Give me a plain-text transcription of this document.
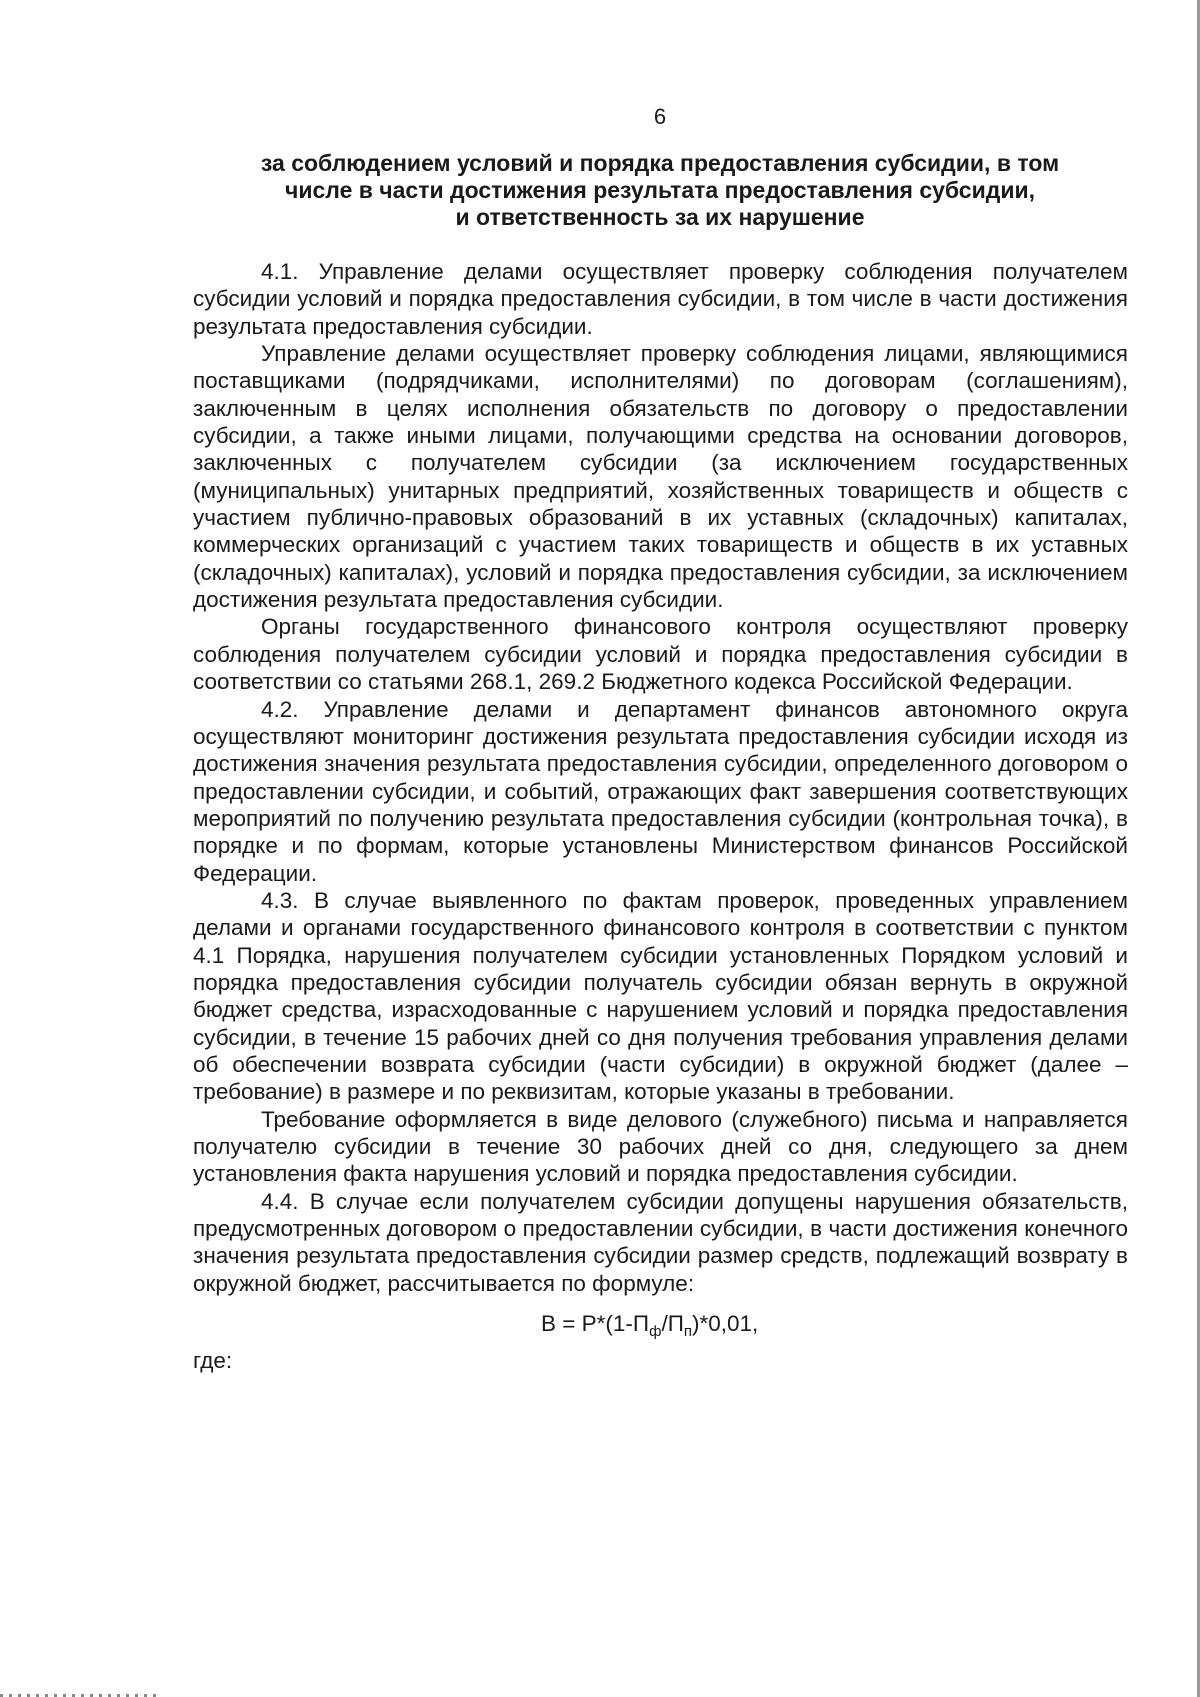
6
за соблюдением условий и порядка предоставления субсидии, в том
числе в части достижения результата предоставления субсидии,
и ответственность за их нарушение

4.1. Управление делами осуществляет проверку соблюдения получателем субсидии условий и порядка предоставления субсидии, в том числе в части достижения результата предоставления субсидии.

Управление делами осуществляет проверку соблюдения лицами, являющимися поставщиками (подрядчиками, исполнителями) по договорам (соглашениям), заключенным в целях исполнения обязательств по договору о предоставлении субсидии, а также иными лицами, получающими средства на основании договоров, заключенных с получателем субсидии (за исключением государственных (муниципальных) унитарных предприятий, хозяйственных товариществ и обществ с участием публично-правовых образований в их уставных (складочных) капиталах, коммерческих организаций с участием таких товариществ и обществ в их уставных (складочных) капиталах), условий и порядка предоставления субсидии, за исключением достижения результата предоставления субсидии.

Органы государственного финансового контроля осуществляют проверку соблюдения получателем субсидии условий и порядка предоставления субсидии в соответствии со статьями 268.1, 269.2 Бюджетного кодекса Российской Федерации.

4.2. Управление делами и департамент финансов автономного округа осуществляют мониторинг достижения результата предоставления субсидии исходя из достижения значения результата предоставления субсидии, определенного договором о предоставлении субсидии, и событий, отражающих факт завершения соответствующих мероприятий по получению результата предоставления субсидии (контрольная точка), в порядке и по формам, которые установлены Министерством финансов Российской Федерации.

4.3. В случае выявленного по фактам проверок, проведенных управлением делами и органами государственного финансового контроля в соответствии с пунктом 4.1 Порядка, нарушения получателем субсидии установленных Порядком условий и порядка предоставления субсидии получатель субсидии обязан вернуть в окружной бюджет средства, израсходованные с нарушением условий и порядка предоставления субсидии, в течение 15 рабочих дней со дня получения требования управления делами об обеспечении возврата субсидии (части субсидии) в окружной бюджет (далее – требование) в размере и по реквизитам, которые указаны в требовании.

Требование оформляется в виде делового (служебного) письма и направляется получателю субсидии в течение 30 рабочих дней со дня, следующего за днем установления факта нарушения условий и порядка предоставления субсидии.

4.4. В случае если получателем субсидии допущены нарушения обязательств, предусмотренных договором о предоставлении субсидии, в части достижения конечного значения результата предоставления субсидии размер средств, подлежащий возврату в окружной бюджет, рассчитывается по формуле:

$В = Р*(1-П_ф/П_п)*0,01$,
где:
